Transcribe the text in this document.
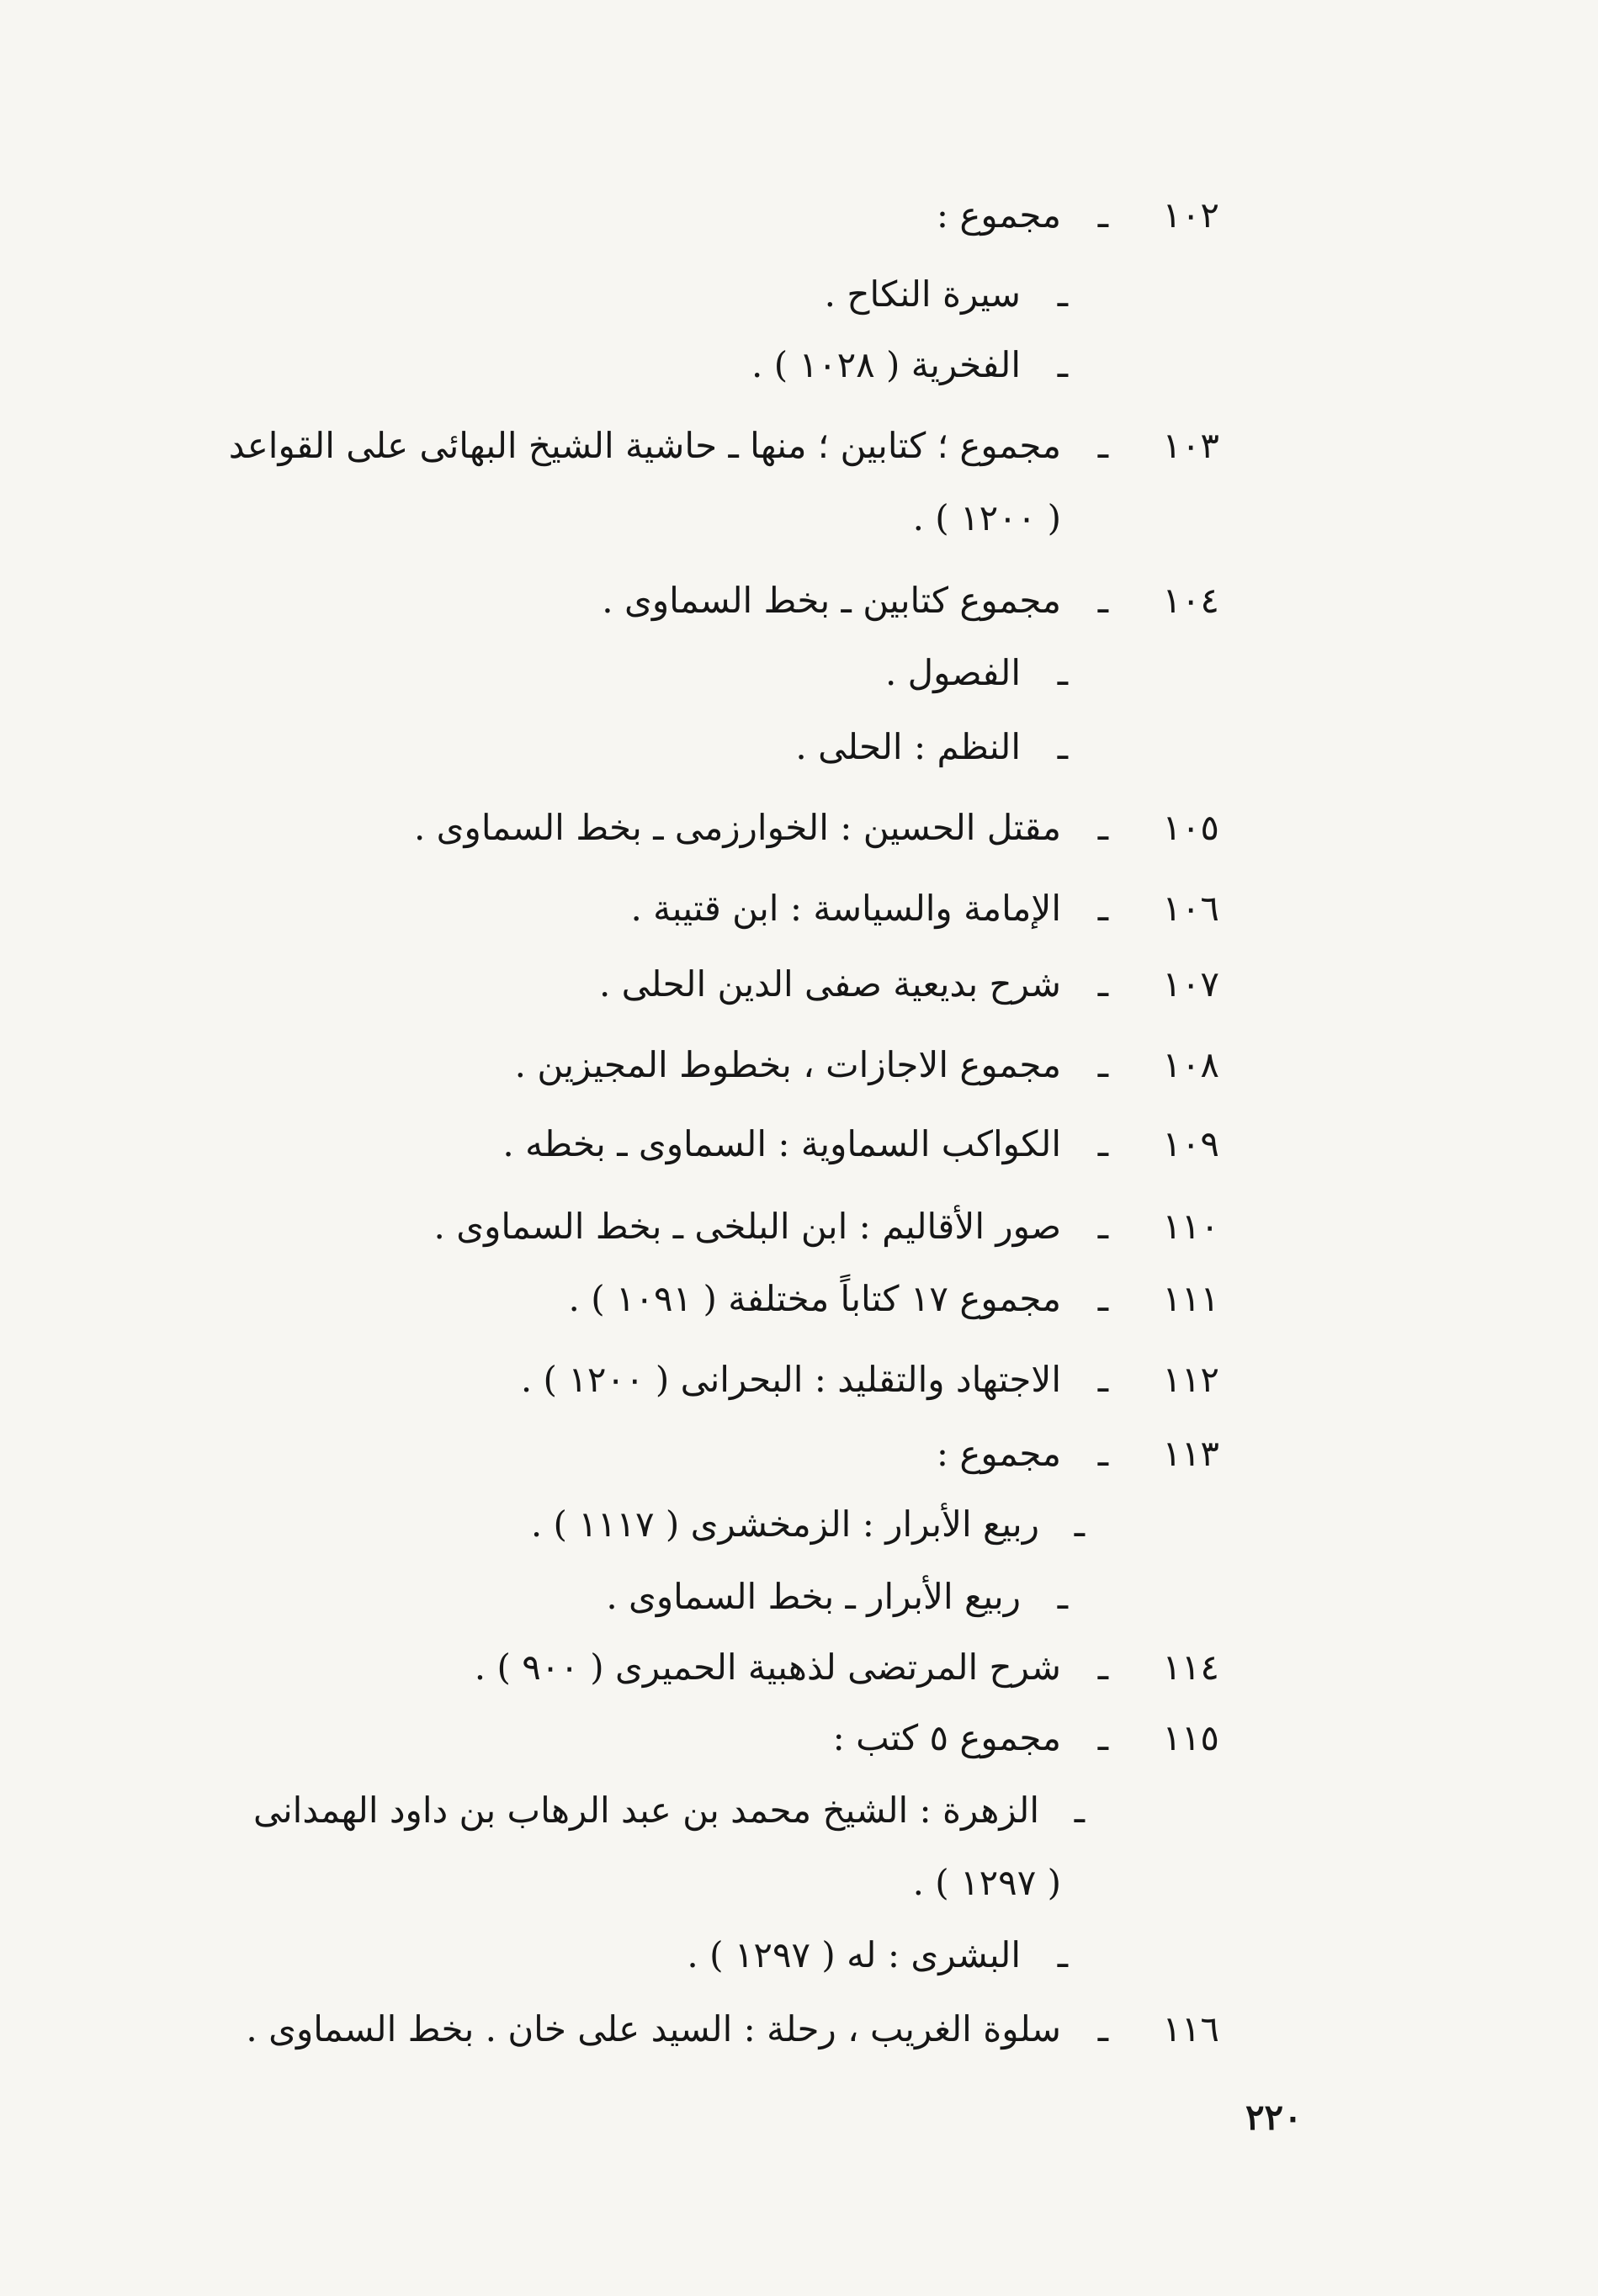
١٠٢
ـ
مجموع :
ـ
سيرة النكاح .
ـ
الفخرية ( ١٠٢٨ ) .
١٠٣
ـ
مجموع ؛ كتابين ؛ منها ـ حاشية الشيخ البهائى على القواعد
( ١٢٠٠ ) .
١٠٤
ـ
مجموع كتابين ـ بخط السماوى .
ـ
الفصول .
ـ
النظم : الحلى .
١٠٥
ـ
مقتل الحسين : الخوارزمى ـ بخط السماوى .
١٠٦
ـ
الإمامة والسياسة : ابن قتيبة .
١٠٧
ـ
شرح بديعية صفى الدين الحلى .
١٠٨
ـ
مجموع الاجازات ، بخطوط المجيزين .
١٠٩
ـ
الكواكب السماوية : السماوى ـ بخطه .
١١٠
ـ
صور الأقاليم : ابن البلخى ـ بخط السماوى .
١١١
ـ
مجموع ١٧ كتاباً مختلفة ( ١٠٩١ ) .
١١٢
ـ
الاجتهاد والتقليد : البحرانى ( ١٢٠٠ ) .
١١٣
ـ
مجموع :
ـ
ربيع الأبرار : الزمخشرى ( ١١١٧ ) .
ـ
ربيع الأبرار ـ بخط السماوى .
١١٤
ـ
شرح المرتضى لذهبية الحميرى ( ٩٠٠ ) .
١١٥
ـ
مجموع ٥ كتب :
ـ
الزهرة : الشيخ محمد بن عبد الرهاب بن داود الهمدانى
( ١٢٩٧ ) .
ـ
البشرى : له ( ١٢٩٧ ) .
١١٦
ـ
سلوة الغريب ، رحلة : السيد على خان . بخط السماوى .
٢٢٠
